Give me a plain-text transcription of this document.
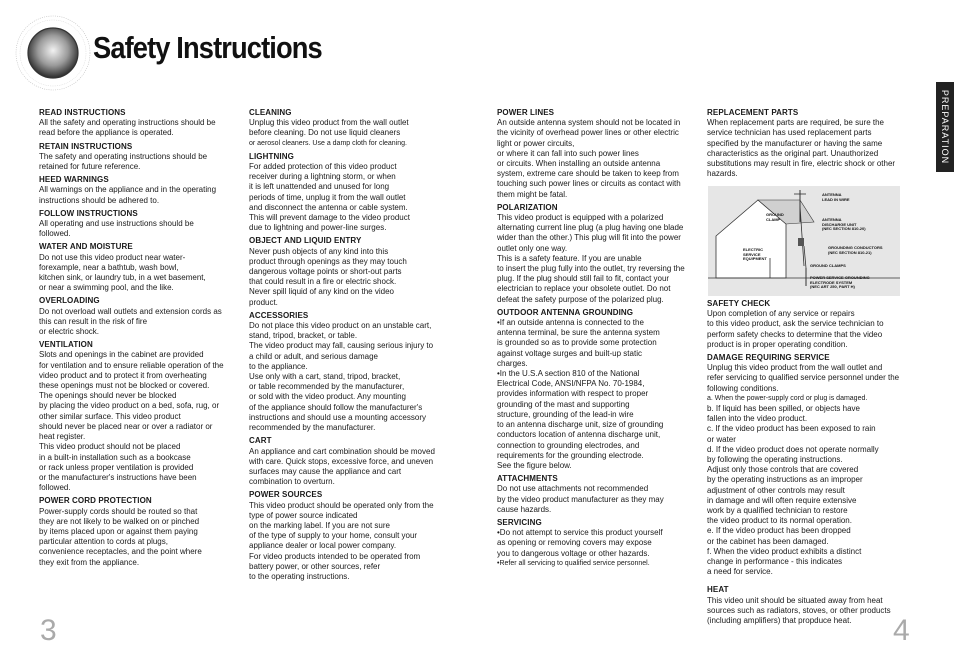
Safety Instructions
PREPARATION
READ INSTRUCTIONS
All the safety and operating instructions should be
read before the appliance is operated.
RETAIN INSTRUCTIONS
The safety and operating instructions should be
retained for future reference.
HEED WARNINGS
All warnings on the appliance and in the operating
instructions should be adhered to.
FOLLOW INSTRUCTIONS
All operating and use instructions should be
followed.
WATER AND MOISTURE
Do not use this video product near water-
forexample, near a bathtub, wash bowl,
kitchen sink, or laundry tub, in a wet basement,
or near a swimming pool, and the like.
OVERLOADING
Do not overload wall outlets and extension cords as
this can result in the risk of fire
or electric shock.
VENTILATION
Slots and openings in the cabinet are provided
for ventilation and to ensure reliable operation of the
video product and to protect it from overheating
these openings must not be blocked or covered.
The openings should never be blocked
by placing the video product on a bed, sofa, rug, or
other similar surface. This video product
should never be placed near or over a radiator or
heat register.
This video product should not be placed
in a built-in installation such as a bookcase
or rack unless proper ventilation is provided
or the manufacturer's instructions have been
followed.
POWER CORD PROTECTION
Power-supply cords should be routed so that
they are not likely to be walked on or pinched
by items placed upon or against them paying
particular attention to cords at plugs,
convenience receptacles, and the point where
they exit from the appliance.
CLEANING
Unplug this video product from the wall outlet
before cleaning. Do not use liquid cleaners
or aerosol cleaners. Use a damp cloth for cleaning.
LIGHTNING
For added protection of this video product
receiver during a lightning storm, or when
it is left unattended and unused for long
periods of time, unplug it from the wall outlet
and disconnect the antenna or cable system.
This will prevent damage to the video product
due to lightning and power-line surges.
OBJECT AND LIQUID ENTRY
Never push objects of any kind into this
product through openings as they may touch
dangerous voltage points or short-out parts
that could result in a fire or electric shock.
Never spill liquid of any kind on the video
product.
ACCESSORIES
Do not place this video product on an unstable cart,
stand, tripod, bracket, or table.
The video product may fall, causing serious injury to
a child or adult, and serious damage
to the appliance.
Use only with a cart, stand, tripod, bracket,
or table recommended by the manufacturer,
or sold with the video product. Any mounting
of the appliance should follow the manufacturer's
instructions and should use a mounting accessory
recommended by the manufacturer.
CART
An appliance and cart combination should be moved
with care. Quick stops, excessive force, and uneven
surfaces may cause the appliance and cart
combination to overturn.
POWER SOURCES
This video product should be operated only from the
type of power source indicated
on the marking label. If you are not sure
of the type of supply to your home, consult your
appliance dealer or local power company.
For video products intended to be operated from
battery power, or other sources, refer
to the operating instructions.
POWER LINES
An outside antenna system should not be located in
the vicinity of overhead power lines or other electric
light or power circuits,
or where it can fall into such power lines
or circuits. When installing an outside antenna
system, extreme care should be taken to keep from
touching such power lines or circuits as contact with
them might be fatal.
POLARIZATION
This video product is equipped with a polarized
alternating current line plug (a plug having one blade
wider than the other.) This plug will fit into the power
outlet only one way.
This is a safety feature. If you are unable
to insert the plug fully into the outlet, try reversing the
plug. If the plug should still fail to fit, contact your
electrician to replace your obsolete outlet. Do not
defeat the safety purpose of the polarized plug.
OUTDOOR ANTENNA GROUNDING
•If an outside antenna is connected to the
antenna terminal, be sure the antenna system
is grounded so as to provide some protection
against voltage surges and built-up static
charges.
•In the U.S.A section 810 of the National
Electrical Code, ANSI/NFPA No. 70-1984,
provides information with respect to proper
grounding of the mast and supporting
structure, grounding of the lead-in wire
to an antenna discharge unit, size of grounding
conductors location of antenna discharge unit,
connection to grounding electrodes, and
requirements for the grounding electrode.
See the figure below.
ATTACHMENTS
Do not use attachments not recommended
by the video product manufacturer as they may
cause hazards.
SERVICING
•Do not attempt to service this product yourself
as opening or removing covers may expose
you to dangerous voltage or other hazards.
•Refer all servicing to qualified service personnel.
REPLACEMENT PARTS
When replacement parts are required, be sure the
service technician has used replacement parts
specified by the manufacturer or having the same
characteristics as the original part. Unauthorized
substitutions may result in fire, electric shock or other
hazards.
ANTENNA
LEAD IN WIRE
GROUND
CLAMP	ANTENNA
DISCHARGE UNIT
(NEC SECTION 810-20)
ELECTRIC
SERVICE
EQUIPMENT
GROUNDING CONDUCTORS
(NEC SECTION 810-21)
GROUND CLAMPS
POWER SERVICE GROUNDING
ELECTRODE SYSTEM
(NEC ART 250, PART H)
SAFETY CHECK
Upon completion of any service or repairs
to this video product, ask the service technician to
perform safety checks to determine that the video
product is in proper operating condition.
DAMAGE REQUIRING SERVICE
Unplug this video product from the wall outlet and
refer servicing to qualified service personnel under the
following conditions.
a. When the power-supply cord or plug is damaged.
b. If liquid has been spilled, or objects have
fallen into the video product.
c. If the video product has been exposed to rain
or water
d. If the video product does not operate normally
by following the operating instructions.
Adjust only those controls that are covered
by the operating instructions as an improper
adjustment of other controls may result
in damage and will often require extensive
work by a qualified technician to restore
the video product to its normal operation.
e. If the video product has been dropped
or the cabinet has been damaged.
f. When the video product exhibits a distinct
change in performance - this indicates
a need for service.
HEAT
This video unit should be situated away from heat
sources such as radiators, stoves, or other products
(including amplifiers) that propduce heat.
3	4
